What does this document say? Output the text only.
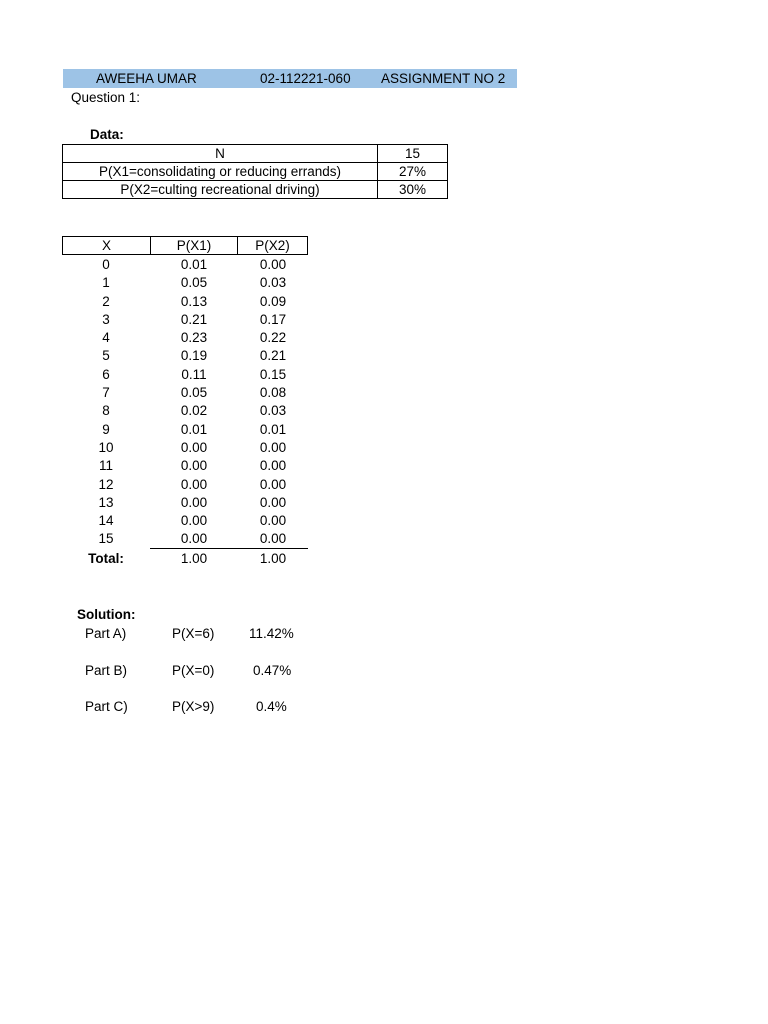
AWEEHA UMAR	02-112221-060 ASSIGNMENT NO 2
Question 1:
Data:
N	15
P(X1=consolidating or reducing errands)	27%
P(X2=culting recreational driving)	30%
X	P(X1)	P(X2)
0	0.01	0.00
1	0.05	0.03
2	0.13	0.09
3	0.21	0.17
4	0.23	0.22
5	0.19	0.21
6	0.11	0.15
7	0.05	0.08
8	0.02	0.03
9	0.01	0.01
10	0.00	0.00
11	0.00	0.00
12	0.00	0.00
13	0.00	0.00
14	0.00	0.00
15	0.00	0.00
Total:	1.00	1.00
Solution:
Part A)	P(X=6)	11.42%
Part B)	P(X=0)	0.47%
Part C)	P(X>9)	0.4%
